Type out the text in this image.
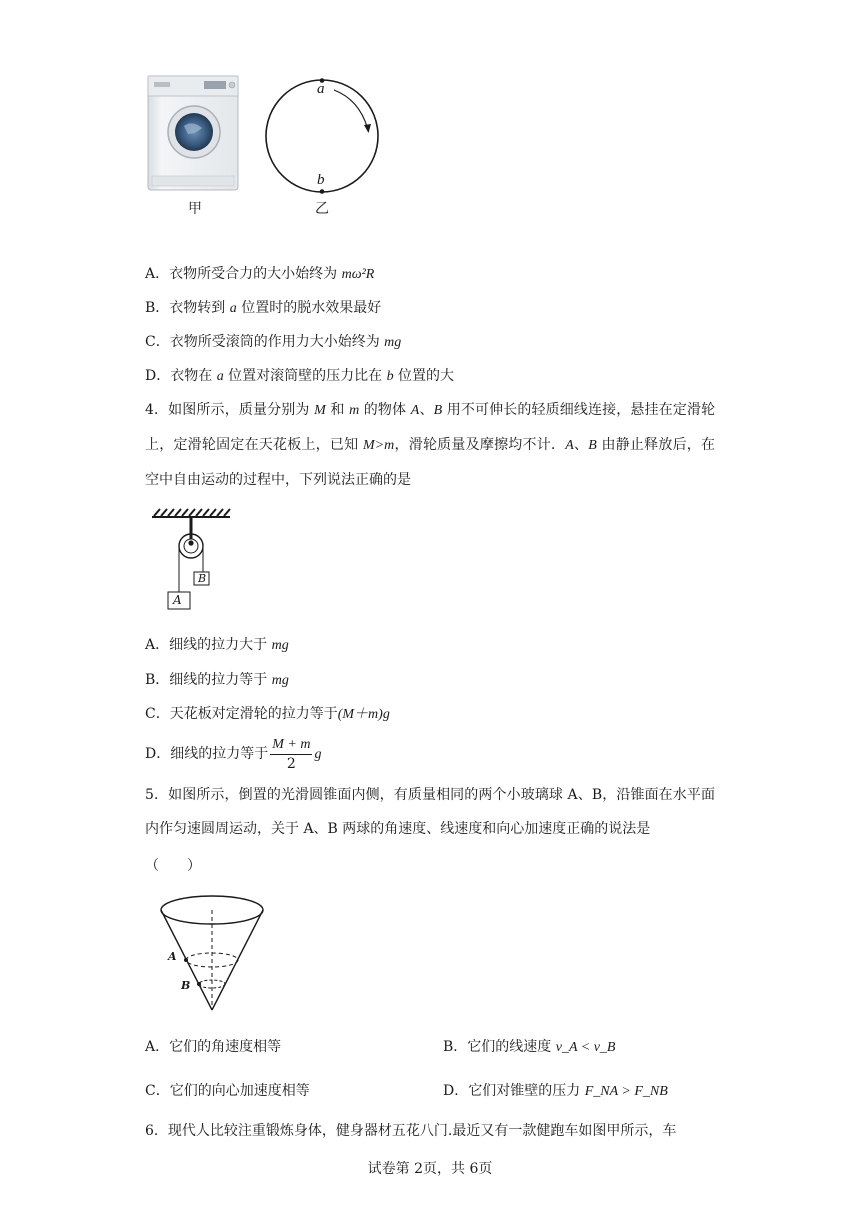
甲
a
b
乙
A．衣物所受合力的大小始终为 mω²R
B．衣物转到 a 位置时的脱水效果最好
C．衣物所受滚筒的作用力大小始终为 mg
D．衣物在 a 位置对滚筒壁的压力比在 b 位置的大
4．如图所示，质量分别为 M 和 m 的物体 A、B 用不可伸长的轻质细线连接，悬挂在定滑轮上，定滑轮固定在天花板上，已知 M>m，滑轮质量及摩擦均不计．A、B 由静止释放后，在空中自由运动的过程中，下列说法正确的是
A
B
A．细线的拉力大于 mg
B．细线的拉力等于 mg
C．天花板对定滑轮的拉力等于(M＋m)g
D．细线的拉力等于 $\frac{M + m}{2}$ g
5．如图所示，倒置的光滑圆锥面内侧，有质量相同的两个小玻璃球 A、B，沿锥面在水平面内作匀速圆周运动，关于 A、B 两球的角速度、线速度和向心加速度正确的说法是
（　　）
A
B
A．它们的角速度相等	B．它们的线速度 v_A < v_B
C．它们的向心加速度相等	D．它们对锥壁的压力 F_NA > F_NB
6．现代人比较注重锻炼身体，健身器材五花八门.最近又有一款健跑车如图甲所示，车
试卷第 2页，共 6页
